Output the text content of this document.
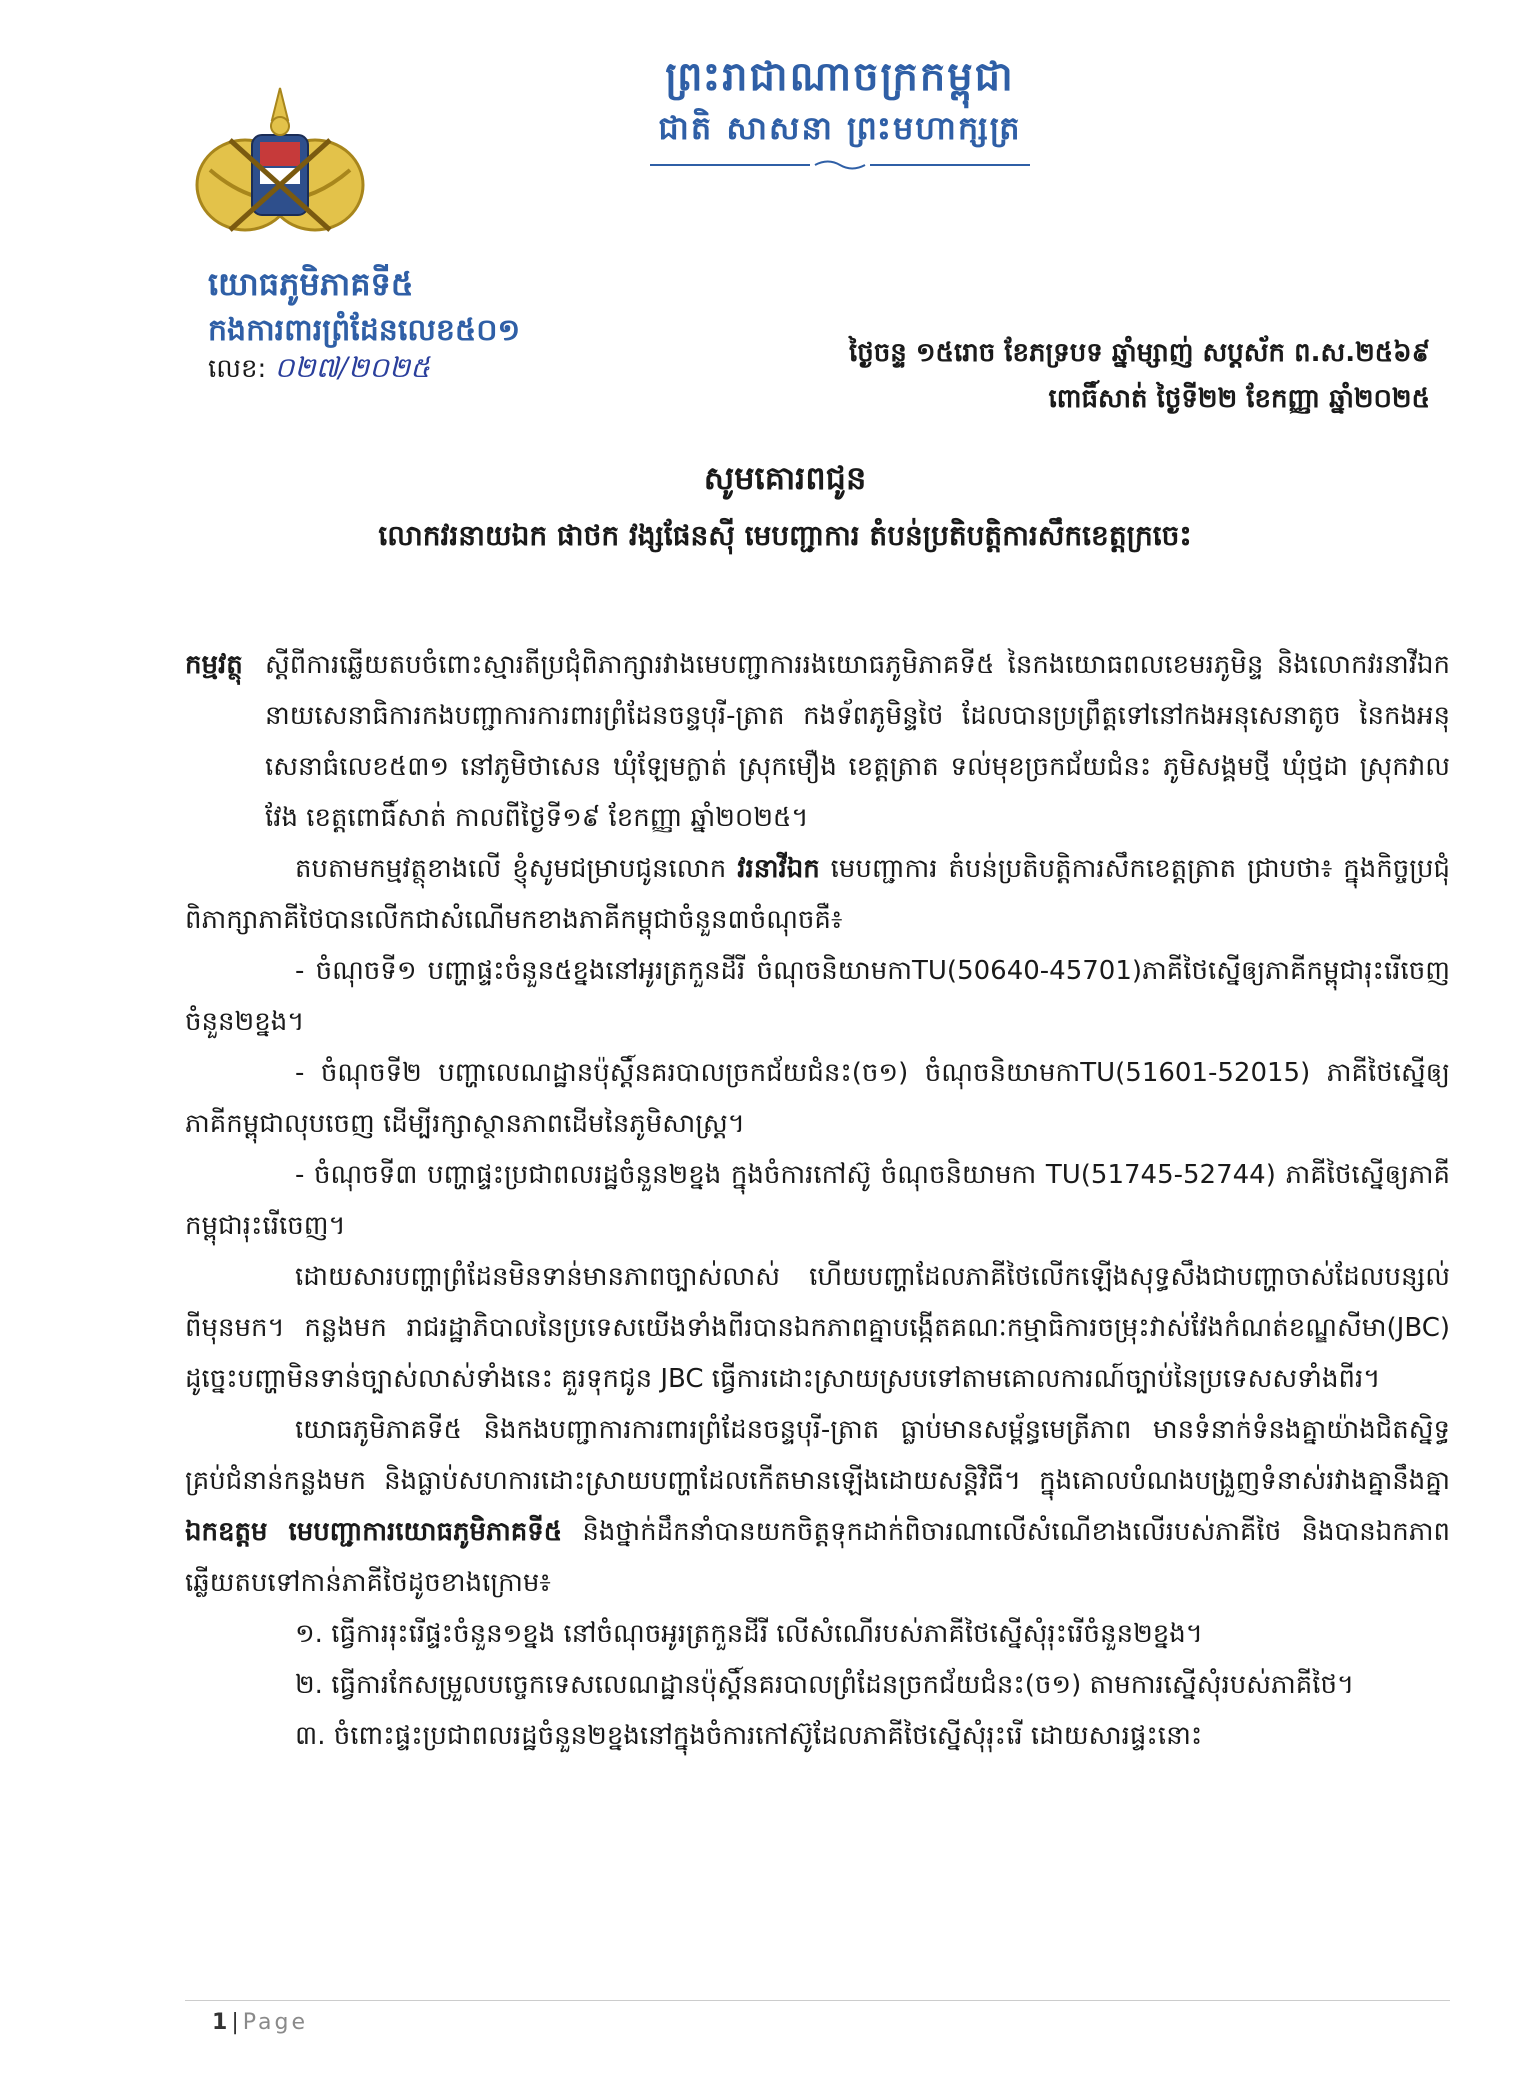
ព្រះរាជាណាចក្រកម្ពុជា
ជាតិ សាសនា ព្រះមហាក្សត្រ
យោធភូមិភាគទី៥
កងការពារព្រំដែនលេខ៥០១
លេខ: ០២៧/២០២៥	ថ្ងៃចន្ទ ១៥រោច ខែភទ្របទ ឆ្នាំម្សាញ់ សប្តស័ក ព.ស.២៥៦៩
ពោធិ៍សាត់ ថ្ងៃទី២២ ខែកញ្ញា ឆ្នាំ២០២៥
សូមគោរពជូន
លោកវរនាយឯក ផាថក វង្សផែនស៊ី មេបញ្ជាការ តំបន់ប្រតិបត្តិការសឹកខេត្តក្រចេះ

កម្មវត្ថុ ស្តីពីការឆ្លើយតបចំពោះស្មារតីប្រជុំពិភាក្សារវាងមេបញ្ជាការរងយោធភូមិភាគទី៥ នៃកងយោធពលខេមរភូមិន្ទ និងលោកវរនាវីឯកនាយសេនាធិការកងបញ្ជាការការពារព្រំដែនចន្ទបុរី-ត្រាត កងទ័ពភូមិន្ទថៃ ដែលបានប្រព្រឹត្តទៅនៅកងអនុសេនាតូច នៃកងអនុសេនាធំលេខ៥៣១ នៅភូមិថាសេន ឃុំឡែមក្លាត់ ស្រុកមឿង ខេត្តត្រាត ទល់មុខច្រកជ័យជំនះ ភូមិសង្គមថ្មី ឃុំថ្មដា ស្រុកវាលវែង ខេត្តពោធិ៍សាត់ កាលពីថ្ងៃទី១៩ ខែកញ្ញា ឆ្នាំ២០២៥។

តបតាមកម្មវត្ថុខាងលើ ខ្ញុំសូមជម្រាបជូនលោក វរនាវីឯក មេបញ្ជាការ តំបន់ប្រតិបត្តិការសឹកខេត្តត្រាត ជ្រាបថា៖ ក្នុងកិច្ចប្រជុំពិភាក្សាភាគីថៃបានលើកជាសំណើមកខាងភាគីកម្ពុជាចំនួន៣ចំណុចគឺ៖

- ចំណុចទី១ បញ្ហាផ្ទះចំនួន៥ខ្នងនៅអូរត្រកួនដីរី ចំណុចនិយាមកាTU(50640-45701)ភាគីថៃស្នើឲ្យភាគីកម្ពុជារុះរើចេញចំនួន២ខ្នង។

- ចំណុចទី២ បញ្ហាលេណដ្ឋានប៉ុស្តិ៍នគរបាលច្រកជ័យជំនះ(ច១) ចំណុចនិយាមកាTU(51601-52015) ភាគីថៃស្នើឲ្យភាគីកម្ពុជាលុបចេញ ដើម្បីរក្សាស្ថានភាពដើមនៃភូមិសាស្ត្រ។

- ចំណុចទី៣ បញ្ហាផ្ទះប្រជាពលរដ្ឋចំនួន២ខ្នង ក្នុងចំការកៅស៊ូ ចំណុចនិយាមកា TU(51745-52744) ភាគីថៃស្នើឲ្យភាគីកម្ពុជារុះរើចេញ។

ដោយសារបញ្ហាព្រំដែនមិនទាន់មានភាពច្បាស់លាស់ ហើយបញ្ហាដែលភាគីថៃលើកឡើងសុទ្ធសឹងជាបញ្ហាចាស់ដែលបន្សល់ពីមុនមក។ កន្លងមក រាជរដ្ឋាភិបាលនៃប្រទេសយើងទាំងពីរបានឯកភាពគ្នាបង្កើតគណៈកម្មាធិការចម្រុះវាស់វែងកំណត់ខណ្ឌសីមា(JBC) ដូច្នេះបញ្ហាមិនទាន់ច្បាស់លាស់ទាំងនេះ គួរទុកជូន JBC ធ្វើការដោះស្រាយស្របទៅតាមគោលការណ៍ច្បាប់នៃប្រទេសសទាំងពីរ។

យោធភូមិភាគទី៥ និងកងបញ្ជាការការពារព្រំដែនចន្ទបុរី-ត្រាត ធ្លាប់មានសម្ព័ន្ធមេត្រីភាព មានទំនាក់ទំនងគ្នាយ៉ាងជិតស្និទ្ធគ្រប់ជំនាន់កន្លងមក និងធ្លាប់សហការដោះស្រាយបញ្ហាដែលកើតមានឡើងដោយសន្តិវិធី។ ក្នុងគោលបំណងបង្រួញទំនាស់រវាងគ្នានឹងគ្នា ឯកឧត្តម មេបញ្ជាការយោធភូមិភាគទី៥ និងថ្នាក់ដឹកនាំបានយកចិត្តទុកដាក់ពិចារណាលើសំណើខាងលើរបស់ភាគីថៃ និងបានឯកភាពឆ្លើយតបទៅកាន់ភាគីថៃដូចខាងក្រោម៖

១. ធ្វើការរុះរើផ្ទះចំនួន១ខ្នង នៅចំណុចអូរត្រកួនដីរី លើសំណើរបស់ភាគីថៃស្នើសុំរុះរើចំនួន២ខ្នង។

២. ធ្វើការកែសម្រួលបច្ចេកទេសលេណដ្ឋានប៉ុស្តិ៍នគរបាលព្រំដែនច្រកជ័យជំនះ(ច១) តាមការស្នើសុំរបស់ភាគីថៃ។

៣. ចំពោះផ្ទះប្រជាពលរដ្ឋចំនួន២ខ្នងនៅក្នុងចំការកៅស៊ូដែលភាគីថៃស្នើសុំរុះរើ ដោយសារផ្ទះនោះ

1 | Page
